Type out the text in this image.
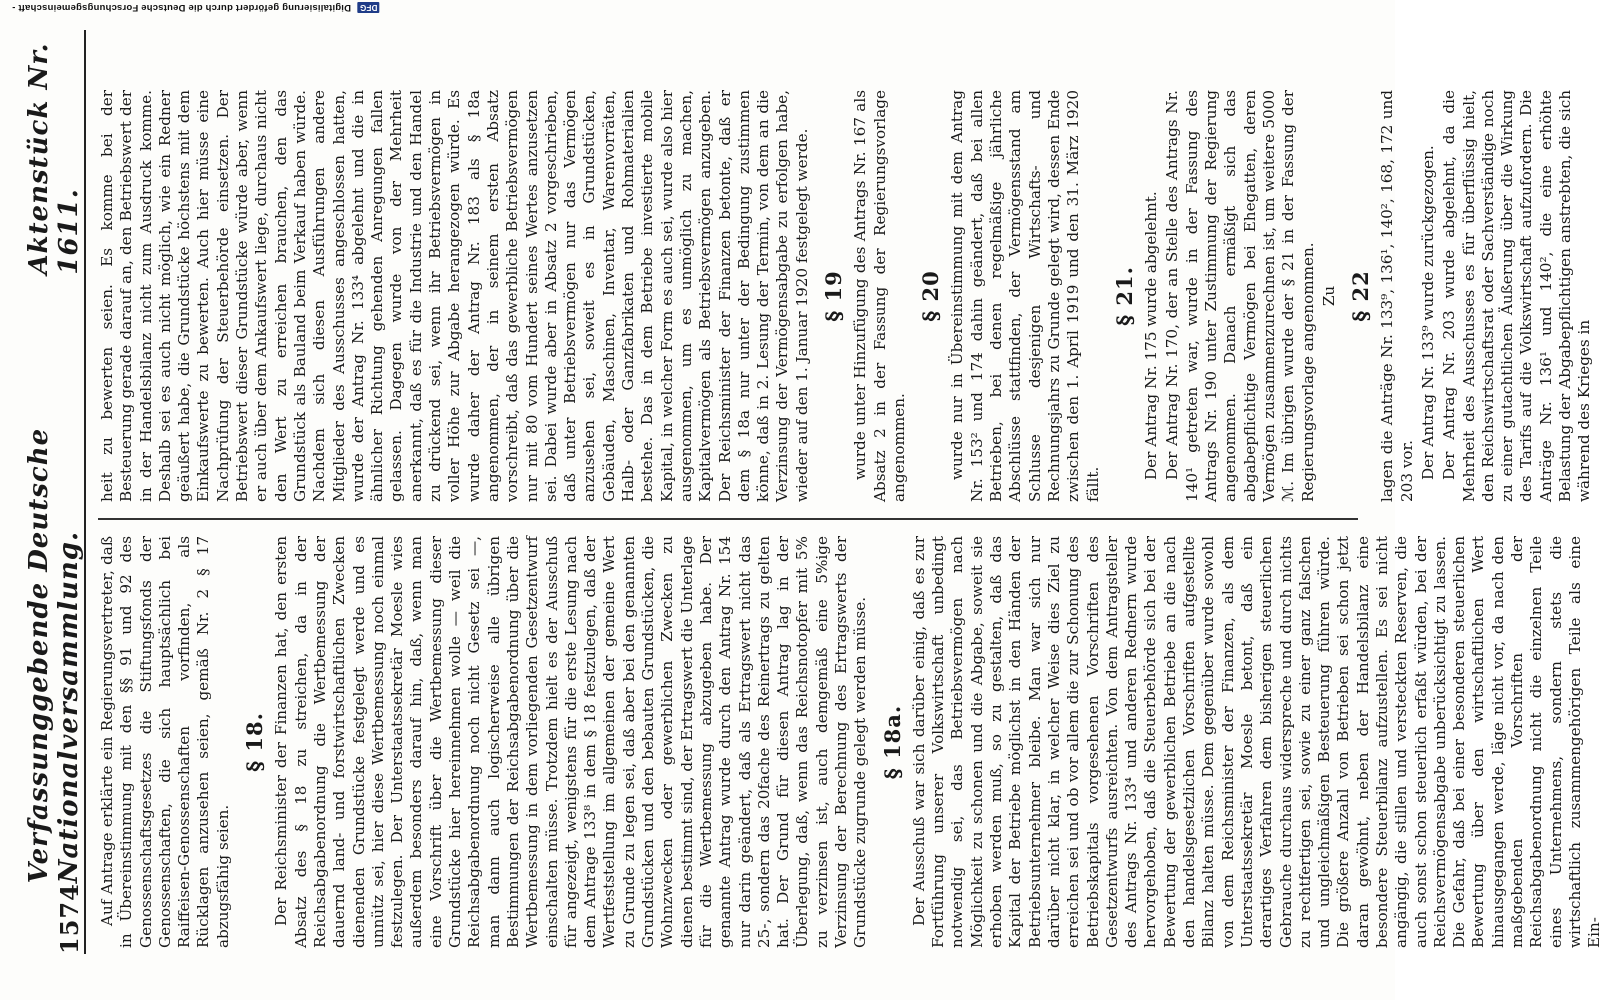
1574
Verfassunggebende Deutsche Nationalversammlung.
Aktenstück Nr. 1611.

Auf Antrage erklärte ein Regierungsvertreter, daß in Übereinstimmung mit den §§ 91 und 92 des Genossenschaftsgesetzes die Stiftungsfonds der Genossenschaften, die sich hauptsächlich bei Raiffeisen-Genossenschaften vorfinden, als Rücklagen anzusehen seien, gemäß Nr. 2 § 17 abzugsfähig seien.

§ 18. Der Reichsminister der Finanzen hat, den ersten Absatz des § 18 zu streichen, da in der Reichsabgabenordnung die Wertbemessung der dauernd land- und forstwirtschaftlichen Zwecken dienenden Grundstücke festgelegt werde und es unnütz sei, hier diese Wertbemessung noch einmal festzulegen. Der Unterstaatssekretär Moesle wies außerdem besonders darauf hin, daß, wenn man eine Vorschrift über die Wertbemessung dieser Grundstücke hier hereinnehmen wolle — weil die Reichsabgabenordnung noch nicht Gesetz sei —, man dann auch logischerweise alle übrigen Bestimmungen der Reichsabgabenordnung über die Wertbemessung in dem vorliegenden Gesetzentwurf einschalten müsse. Trotzdem hielt es der Ausschuß für angezeigt, wenigstens für die erste Lesung nach dem Antrage 133⁸ in dem § 18 festzulegen, daß der Wertfeststellung im allgemeinen der gemeine Wert zu Grunde zu legen sei, daß aber bei den genannten Grundstücken und den bebauten Grundstücken, die Wohnzwecken oder gewerblichen Zwecken zu dienen bestimmt sind, der Ertragswert die Unterlage für die Wertbemessung abzugeben habe. Der genannte Antrag wurde durch den Antrag Nr. 154 nur darin geändert, daß als Ertragswert nicht das 25-, sondern das 20fache des Reinertrags zu gelten hat. Der Grund für diesen Antrag lag in der Überlegung, daß, wenn das Reichsnotopfer mit 5% zu verzinsen ist, auch demgemäß eine 5%ige Verzinsung der Berechnung des Ertragswerts der Grundstücke zugrunde gelegt werden müsse. § 18a. Der Ausschuß war sich darüber einig, daß es zur Fortführung unserer Volkswirtschaft unbedingt notwendig sei, das Betriebsvermögen nach Möglichkeit zu schonen und die Abgabe, soweit sie erhoben werden muß, so zu gestalten, daß das Kapital der Betriebe möglichst in den Händen der Betriebsunternehmer bleibe. Man war sich nur darüber nicht klar, in welcher Weise dies Ziel zu erreichen sei und ob vor allem die zur Schonung des Betriebskapitals vorgesehenen Vorschriften des Gesetzentwurfs ausreichten. Von dem Antragsteller des Antrags Nr. 133⁴ und anderen Rednern wurde hervorgehoben, daß die Steuerbehörde sich bei der Bewertung der gewerblichen Betriebe an die nach den handelsgesetzlichen Vorschriften aufgestellte Bilanz halten müsse. Dem gegenüber wurde sowohl von dem Reichsminister der Finanzen, als dem Unterstaatssekretär Moesle betont, daß ein derartiges Verfahren dem bisherigen steuerlichen Gebrauche durchaus widerspreche und durch nichts zu rechtfertigen sei, sowie zu einer ganz falschen und ungleichmäßigen Besteuerung führen würde. Die größere Anzahl von Betrieben sei schon jetzt daran gewöhnt, neben der Handelsbilanz eine besondere Steuerbilanz aufzustellen. Es sei nicht angängig, die stillen und versteckten Reserven, die auch sonst schon steuerlich erfaßt würden, bei der Reichsvermögensabgabe unberücksichtigt zu lassen. Die Gefahr, daß bei einer besonderen steuerlichen Bewertung über den wirtschaftlichen Wert hinausgegangen werde, läge nicht vor, da nach den maßgebenden Vorschriften der Reichsabgabenordnung nicht die einzelnen Teile eines Unternehmens, sondern stets die wirtschaftlich zusammengehörigen Teile als eine Ein-

heit zu bewerten seien. Es komme bei der Besteuerung gerade darauf an, den Betriebswert der in der Handelsbilanz nicht zum Ausdruck komme. Deshalb sei es auch nicht möglich, wie ein Redner geäußert habe, die Grundstücke höchstens mit dem Einkaufswerte zu bewerten. Auch hier müsse eine Nachprüfung der Steuerbehörde einsetzen. Der Betriebswert dieser Grundstücke würde aber, wenn er auch über dem Ankaufswert liege, durchaus nicht den Wert zu erreichen brauchen, den das Grundstück als Bauland beim Verkauf haben würde. Nachdem sich diesen Ausführungen andere Mitglieder des Ausschusses angeschlossen hatten, wurde der Antrag Nr. 133⁴ abgelehnt und die in ähnlicher Richtung gehenden Anregungen fallen gelassen. Dagegen wurde von der Mehrheit anerkannt, daß es für die Industrie und den Handel zu drückend sei, wenn ihr Betriebsvermögen in voller Höhe zur Abgabe herangezogen würde. Es wurde daher der Antrag Nr. 183 als § 18a angenommen, der in seinem ersten Absatz vorschreibt, daß das gewerbliche Betriebsvermögen nur mit 80 vom Hundert seines Wertes anzusetzen sei. Dabei wurde aber in Absatz 2 vorgeschrieben, daß unter Betriebsvermögen nur das Vermögen anzusehen sei, soweit es in Grundstücken, Gebäuden, Maschinen, Inventar, Warenvorräten, Halb- oder Ganzfabrikaten und Rohmaterialien bestehe. Das in dem Betriebe investierte mobile Kapital, in welcher Form es auch sei, wurde also hier ausgenommen, um es unmöglich zu machen, Kapitalvermögen als Betriebsvermögen anzugeben. Der Reichsminister der Finanzen betonte, daß er dem § 18a nur unter der Bedingung zustimmen könne, daß in 2. Lesung der Termin, von dem an die Verzinsung der Vermögensabgabe zu erfolgen habe, wieder auf den 1. Januar 1920 festgelegt werde. § 19 wurde unter Hinzufügung des Antrags Nr. 167 als Absatz 2 in der Fassung der Regierungsvorlage angenommen.

§ 20 wurde nur in Übereinstimmung mit dem Antrag Nr. 153² und 174 dahin geändert, daß bei allen Betrieben, bei denen regelmäßige jährliche Abschlüsse stattfinden, der Vermögensstand am Schlusse desjenigen Wirtschafts- und Rechnungsjahrs zu Grunde gelegt wird, dessen Ende zwischen den 1. April 1919 und den 31. März 1920 fällt.

§ 21. Der Antrag Nr. 175 wurde abgelehnt. Der Antrag Nr. 170, der an Stelle des Antrags Nr. 140¹ getreten war, wurde in der Fassung des Antrags Nr. 190 unter Zustimmung der Regierung angenommen. Danach ermäßigt sich das abgabepflichtige Vermögen bei Ehegatten, deren Vermögen zusammenzurechnen ist, um weitere 5000 ℳ. Im übrigen wurde der § 21 in der Fassung der Regierungsvorlage angenommen. Zu § 22 lagen die Anträge Nr. 133⁹, 136¹, 140², 168, 172 und 203 vor. Der Antrag Nr. 133⁹ wurde zurückgezogen. Der Antrag Nr. 203 wurde abgelehnt, da die Mehrheit des Ausschusses es für überflüssig hielt, den Reichswirtschaftsrat oder Sachverständige noch zu einer gutachtlichen Äußerung über die Wirkung des Tarifs auf die Volkswirtschaft aufzufordern. Die Anträge Nr. 136¹ und 140², die eine erhöhte Belastung der Abgabepflichtigen anstrebten, die sich während des Krieges in

DFG Digitalisierung gefördert durch die Deutsche Forschungsgemeinschaft -
